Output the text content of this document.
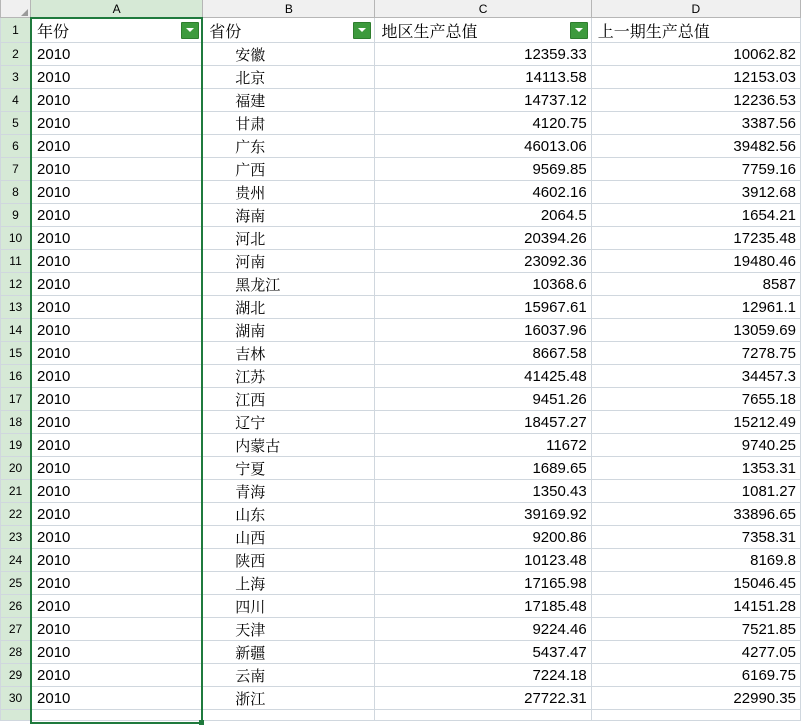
	A	B	C	D
1	年份	省份	地区生产总值	上一期生产总值

2	2010	安徽	12359.33	10062.82

3	2010	北京	14113.58	12153.03

4	2010	福建	14737.12	12236.53

5	2010	甘肃	4120.75	3387.56

6	2010	广东	46013.06	39482.56

7	2010	广西	9569.85	7759.16

8	2010	贵州	4602.16	3912.68

9	2010	海南	2064.5	1654.21

10	2010	河北	20394.26	17235.48

11	2010	河南	23092.36	19480.46

12	2010	黑龙江	10368.6	8587

13	2010	湖北	15967.61	12961.1

14	2010	湖南	16037.96	13059.69

15	2010	吉林	8667.58	7278.75

16	2010	江苏	41425.48	34457.3

17	2010	江西	9451.26	7655.18

18	2010	辽宁	18457.27	15212.49

19	2010	内蒙古	11672	9740.25

20	2010	宁夏	1689.65	1353.31

21	2010	青海	1350.43	1081.27

22	2010	山东	39169.92	33896.65

23	2010	山西	9200.86	7358.31

24	2010	陕西	10123.48	8169.8

25	2010	上海	17165.98	15046.45

26	2010	四川	17185.48	14151.28

27	2010	天津	9224.46	7521.85

28	2010	新疆	5437.47	4277.05

29	2010	云南	7224.18	6169.75

30	2010	浙江	27722.31	22990.35
